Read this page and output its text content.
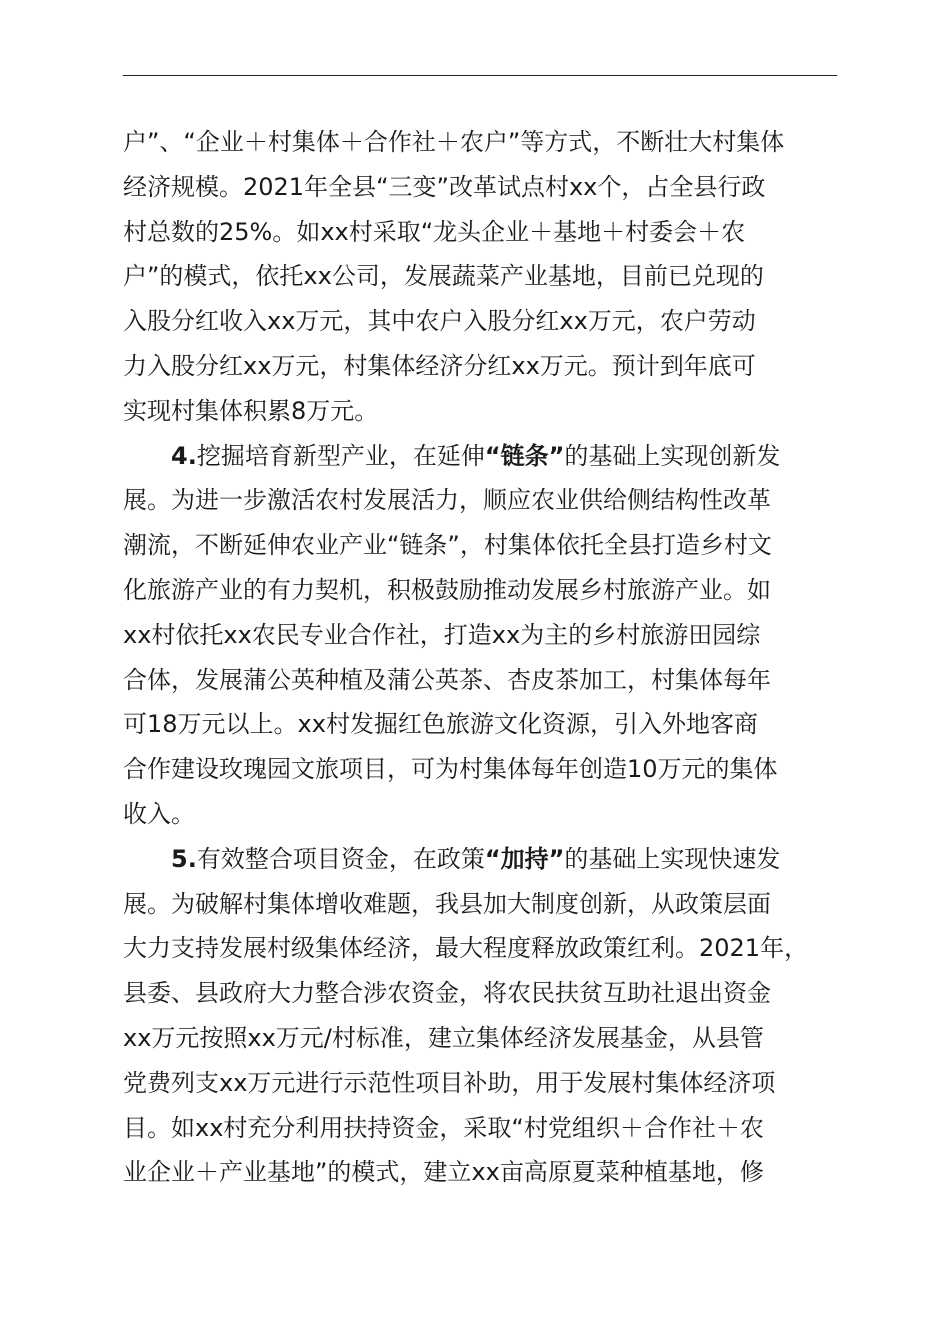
户”、“企业＋村集体＋合作社＋农户”等方式，不断壮大村集体
经济规模。2021年全县“三变”改革试点村xx个，占全县行政
村总数的25%。如xx村采取“龙头企业＋基地＋村委会＋农
户”的模式，依托xx公司，发展蔬菜产业基地，目前已兑现的
入股分红收入xx万元，其中农户入股分红xx万元，农户劳动
力入股分红xx万元，村集体经济分红xx万元。预计到年底可
实现村集体积累8万元。
4.挖掘培育新型产业，在延伸“链条”的基础上实现创新发
展。为进一步激活农村发展活力，顺应农业供给侧结构性改革
潮流，不断延伸农业产业“链条”，村集体依托全县打造乡村文
化旅游产业的有力契机，积极鼓励推动发展乡村旅游产业。如
xx村依托xx农民专业合作社，打造xx为主的乡村旅游田园综
合体，发展蒲公英种植及蒲公英茶、杏皮茶加工，村集体每年
可18万元以上。xx村发掘红色旅游文化资源，引入外地客商
合作建设玫瑰园文旅项目，可为村集体每年创造10万元的集体
收入。
5.有效整合项目资金，在政策“加持”的基础上实现快速发
展。为破解村集体增收难题，我县加大制度创新，从政策层面
大力支持发展村级集体经济，最大程度释放政策红利。2021年，
县委、县政府大力整合涉农资金，将农民扶贫互助社退出资金
xx万元按照xx万元/村标准，建立集体经济发展基金，从县管
党费列支xx万元进行示范性项目补助，用于发展村集体经济项
目。如xx村充分利用扶持资金，采取“村党组织＋合作社＋农
业企业＋产业基地”的模式，建立xx亩高原夏菜种植基地，修
